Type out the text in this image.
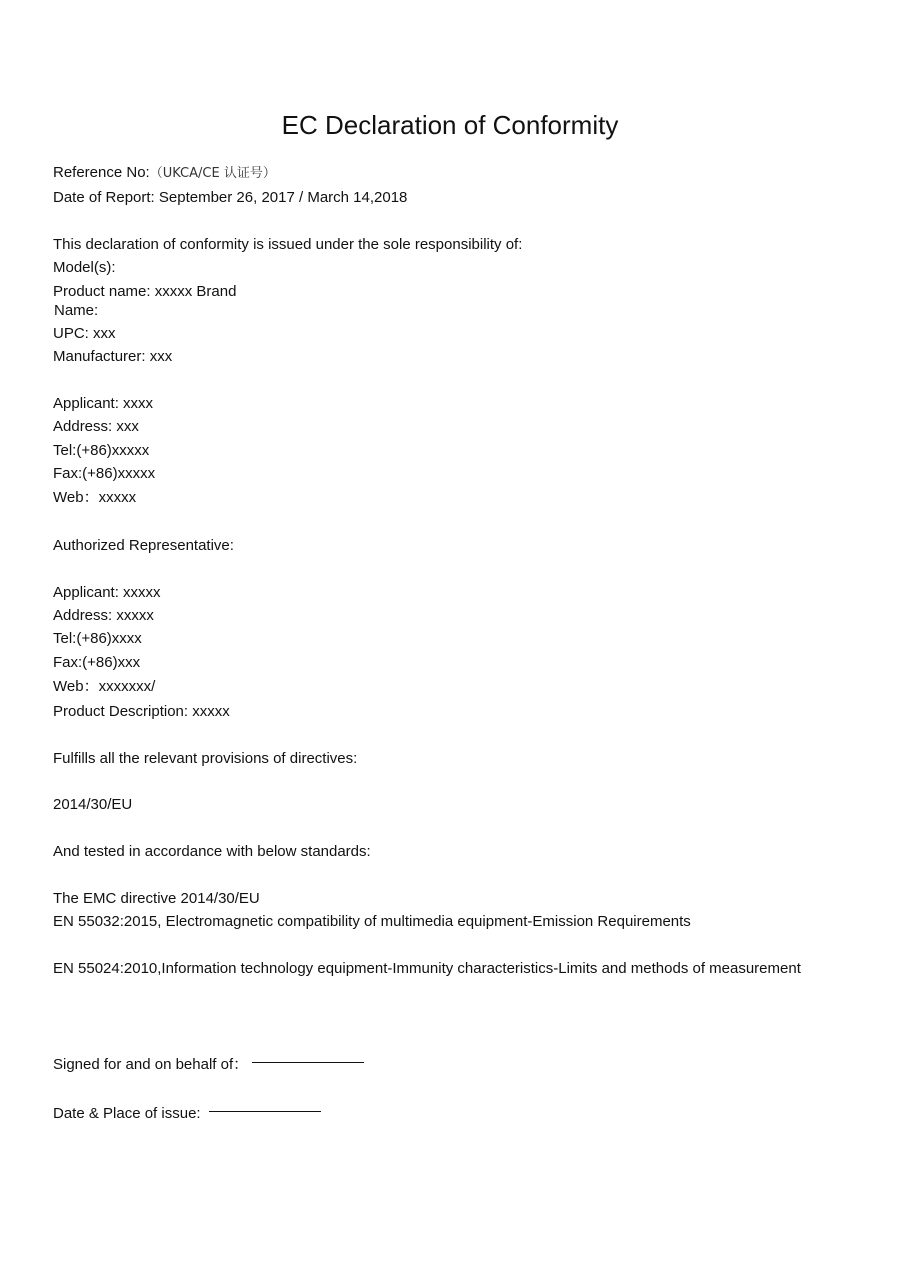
EC Declaration of Conformity
Reference No:（UKCA/CE 认证号）
Date of Report: September 26, 2017 / March 14,2018
This declaration of conformity is issued under the sole responsibility of:
Model(s):
Product name: xxxxx Brand
Name:
UPC: xxx
Manufacturer: xxx
Applicant: xxxx
Address: xxx
Tel:(+86)xxxxx
Fax:(+86)xxxxx
Web：xxxxx
Authorized Representative:
Applicant: xxxxx
Address: xxxxx
Tel:(+86)xxxx
Fax:(+86)xxx
Web：xxxxxxx/
Product Description: xxxxx
Fulfills all the relevant provisions of directives:
2014/30/EU
And tested in accordance with below standards:
The EMC directive 2014/30/EU
EN 55032:2015, Electromagnetic compatibility of multimedia equipment-Emission Requirements
EN 55024:2010,Information technology equipment-Immunity characteristics-Limits and methods of measurement
Signed for and on behalf of：
Date & Place of issue:
